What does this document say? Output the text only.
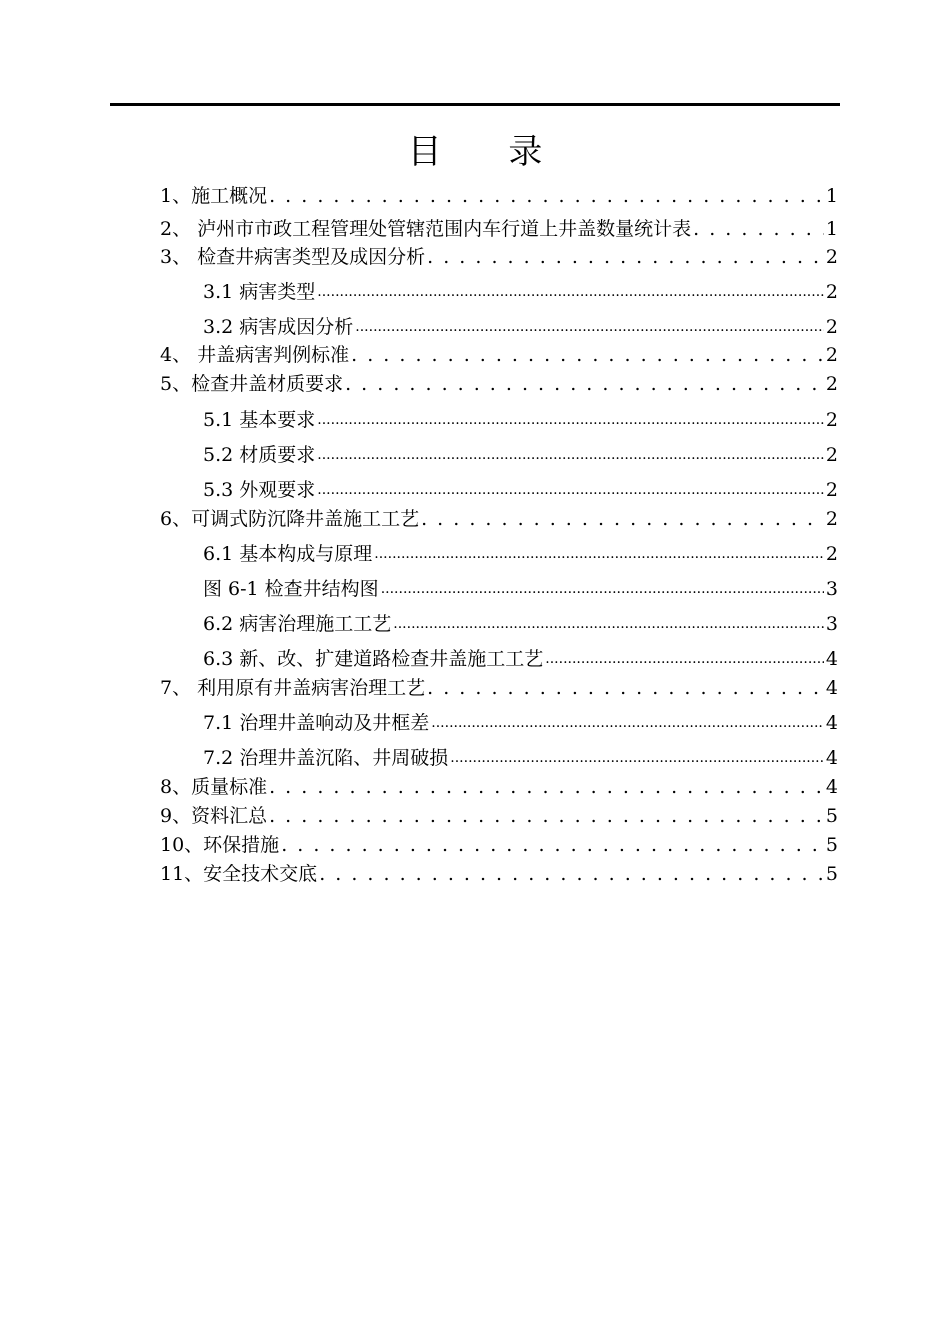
目 录
1、施工概况 . . .	1
2、 泸州市市政工程管理处管辖范围内车行道上井盖数量统计表 . . .	1
3、 检查井病害类型及成因分析 . . .	2
3.1 病害类型 .....	2
3.2 病害成因分析 .....	2
4、 井盖病害判例标准 . . .	2
5、检查井盖材质要求 . . .	2
5.1 基本要求 .....	2
5.2 材质要求 .....	2
5.3 外观要求 .....	2
6、可调式防沉降井盖施工工艺 . . .	2
6.1 基本构成与原理 .....	2
图 6-1 检查井结构图 .....	3
6.2 病害治理施工工艺 .....	3
6.3 新、改、扩建道路检查井盖施工工艺 .....	4
7、 利用原有井盖病害治理工艺 . . .	4
7.1 治理井盖响动及井框差 .....	4
7.2 治理井盖沉陷、井周破损 .....	4
8、质量标准 . . .	4
9、资料汇总 . . .	5
10、环保措施 . . .	5
11、安全技术交底 . . .	5
